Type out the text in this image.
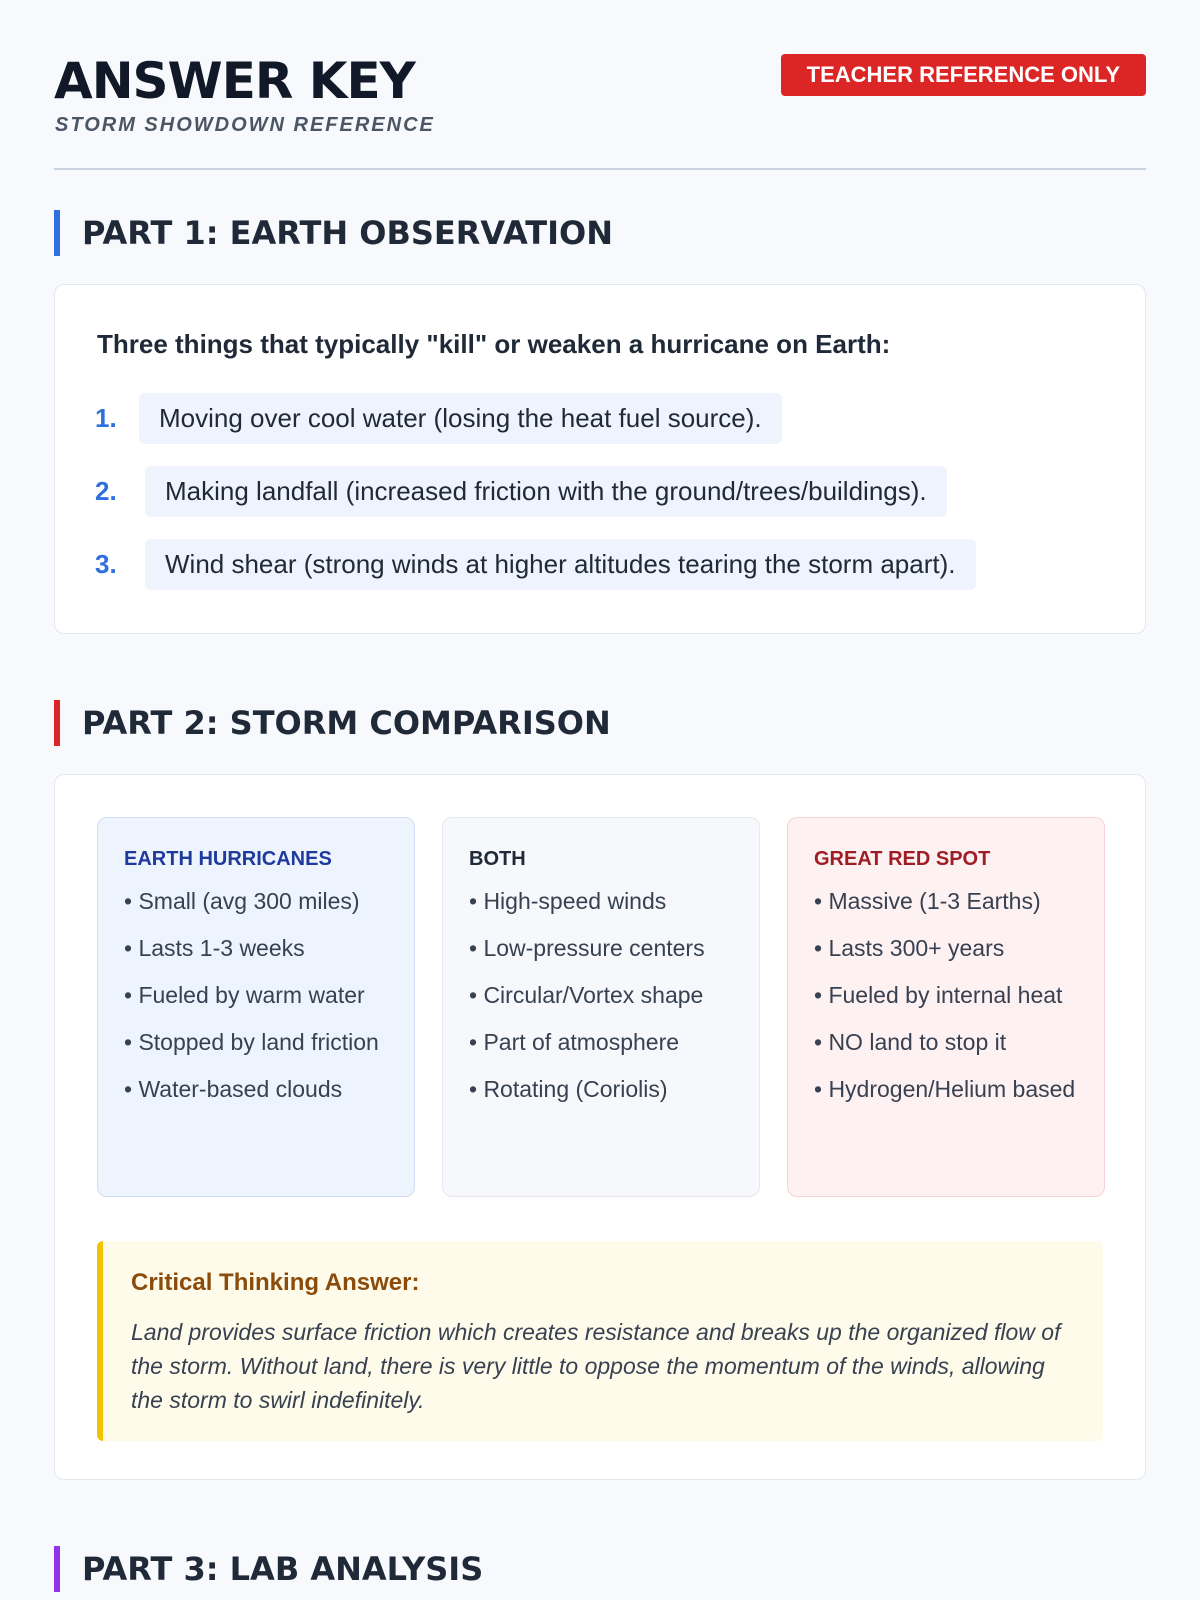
ANSWER KEY
STORM SHOWDOWN REFERENCE
TEACHER REFERENCE ONLY
PART 1: EARTH OBSERVATION
Three things that typically "kill" or weaken a hurricane on Earth:
1.	Moving over cool water (losing the heat fuel source).
2.	Making landfall (increased friction with the ground/trees/buildings).
3.	Wind shear (strong winds at higher altitudes tearing the storm apart).
PART 2: STORM COMPARISON
EARTH HURRICANES
• Small (avg 300 miles)
• Lasts 1-3 weeks
• Fueled by warm water
• Stopped by land friction
• Water-based clouds
BOTH
• High-speed winds
• Low-pressure centers
• Circular/Vortex shape
• Part of atmosphere
• Rotating (Coriolis)
GREAT RED SPOT
• Massive (1-3 Earths)
• Lasts 300+ years
• Fueled by internal heat
• NO land to stop it
• Hydrogen/Helium based
Critical Thinking Answer:
Land provides surface friction which creates resistance and breaks up the organized flow of the storm. Without land, there is very little to oppose the momentum of the winds, allowing the storm to swirl indefinitely.
PART 3: LAB ANALYSIS
